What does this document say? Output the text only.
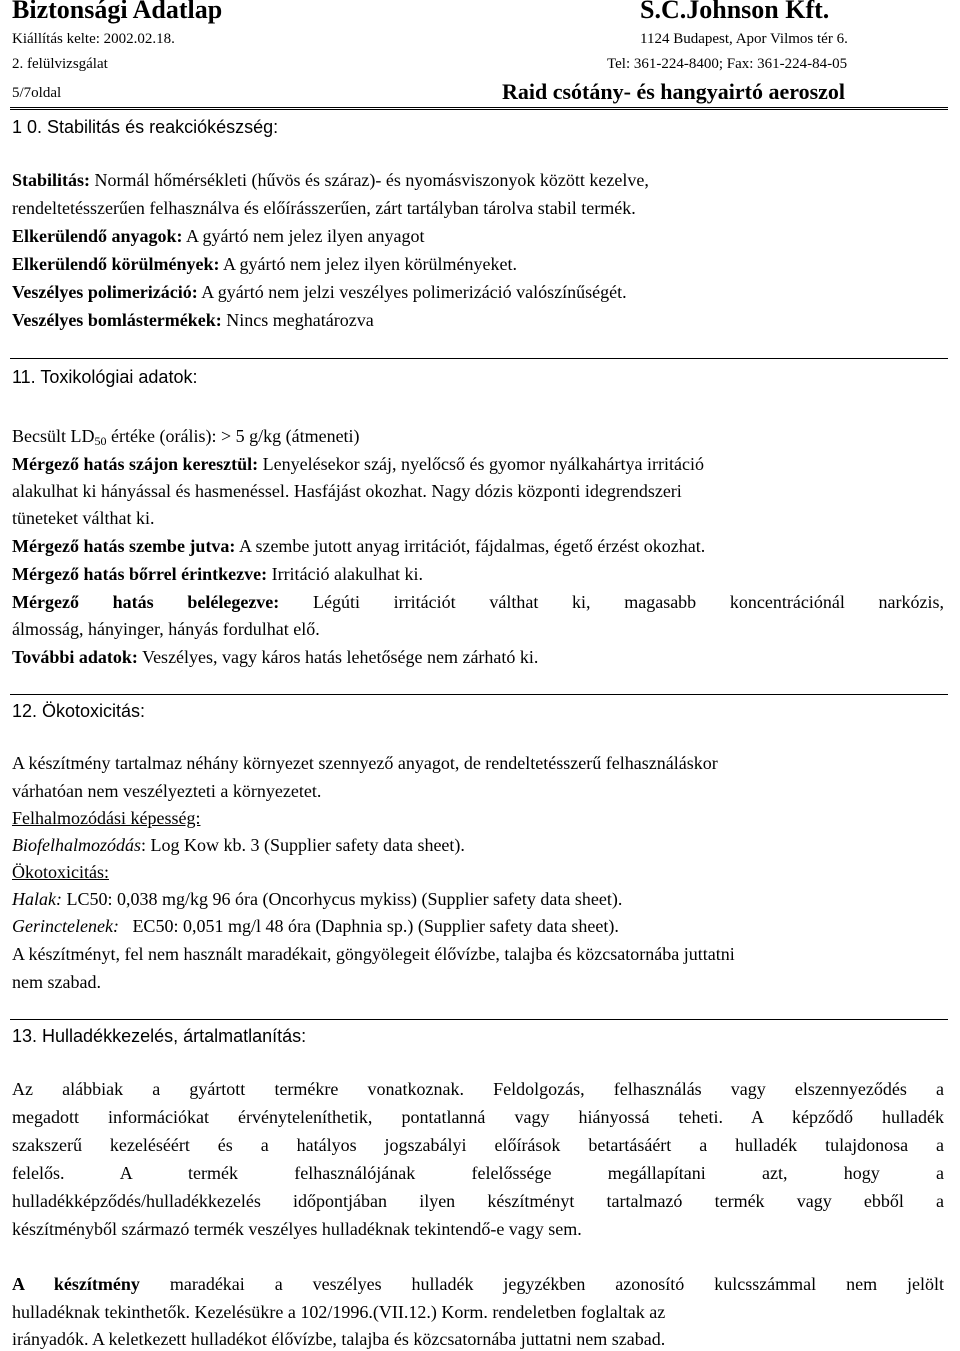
Biztonsági Adatlap	S.C.Johnson Kft.
Kiállítás kelte: 2002.02.18.	1124 Budapest, Apor Vilmos tér 6.
2. felülvizsgálat	Tel: 361-224-8400; Fax: 361-224-84-05
5/7oldal	Raid csótány- és hangyairtó aeroszol
1 0. Stabilitás és reakciókészség:
Stabilitás: Normál hőmérsékleti (hűvös és száraz)- és nyomásviszonyok között kezelve,
rendeltetésszerűen felhasználva és előírásszerűen, zárt tartályban tárolva stabil termék.
Elkerülendő anyagok: A gyártó nem jelez ilyen anyagot
Elkerülendő körülmények: A gyártó nem jelez ilyen körülményeket.
Veszélyes polimerizáció: A gyártó nem jelzi veszélyes polimerizáció valószínűségét.
Veszélyes bomlástermékek: Nincs meghatározva
11. Toxikológiai adatok:
Becsült $LD_{50}$ értéke (orális): > 5 g/kg (átmeneti)
Mérgező hatás szájon keresztül: Lenyelésekor száj, nyelőcső és gyomor nyálkahártya irritáció
alakulhat ki hányással és hasmenéssel. Hasfájást okozhat. Nagy dózis központi idegrendszeri
tüneteket válthat ki.
Mérgező hatás szembe jutva: A szembe jutott anyag irritációt, fájdalmas, égető érzést okozhat.
Mérgező hatás bőrrel érintkezve: Irritáció alakulhat ki.
Mérgező hatás belélegezve: Légúti irritációt válthat ki, magasabb koncentrációnál narkózis,
álmosság, hányinger, hányás fordulhat elő.
További adatok: Veszélyes, vagy káros hatás lehetősége nem zárható ki.
12. Ökotoxicitás:
A készítmény tartalmaz néhány környezet szennyező anyagot, de rendeltetésszerű felhasználáskor
várhatóan nem veszélyezteti a környezetet.
Felhalmozódási képesség:
Biofelhalmozódás: Log Kow kb. 3 (Supplier safety data sheet).
Ökotoxicitás:
Halak: LC50: 0,038 mg/kg 96 óra (Oncorhycus mykiss) (Supplier safety data sheet).
Gerinctelenek:   EC50: 0,051 mg/l 48 óra (Daphnia sp.) (Supplier safety data sheet).
A készítményt, fel nem használt maradékait, göngyölegeit élővízbe, talajba és közcsatornába juttatni
nem szabad.
13. Hulladékkezelés, ártalmatlanítás:
Az alábbiak a gyártott termékre vonatkoznak. Feldolgozás, felhasználás vagy elszennyeződés a
megadott információkat érvényteleníthetik, pontatlanná vagy hiányossá teheti. A képződő hulladék
szakszerű kezeléséért és a hatályos jogszabályi előírások betartásáért a hulladék tulajdonosa a
felelős. A termék felhasználójának felelőssége megállapítani azt, hogy a
hulladékképződés/hulladékkezelés időpontjában ilyen készítményt tartalmazó termék vagy ebből a
készítményből származó termék veszélyes hulladéknak tekintendő-e vagy sem.
A készítmény maradékai a veszélyes hulladék jegyzékben azonosító kulcsszámmal nem jelölt
hulladéknak tekinthetők. Kezelésükre a 102/1996.(VII.12.) Korm. rendeletben foglaltak az
irányadók. A keletkezett hulladékot élővízbe, talajba és közcsatornába juttatni nem szabad.
